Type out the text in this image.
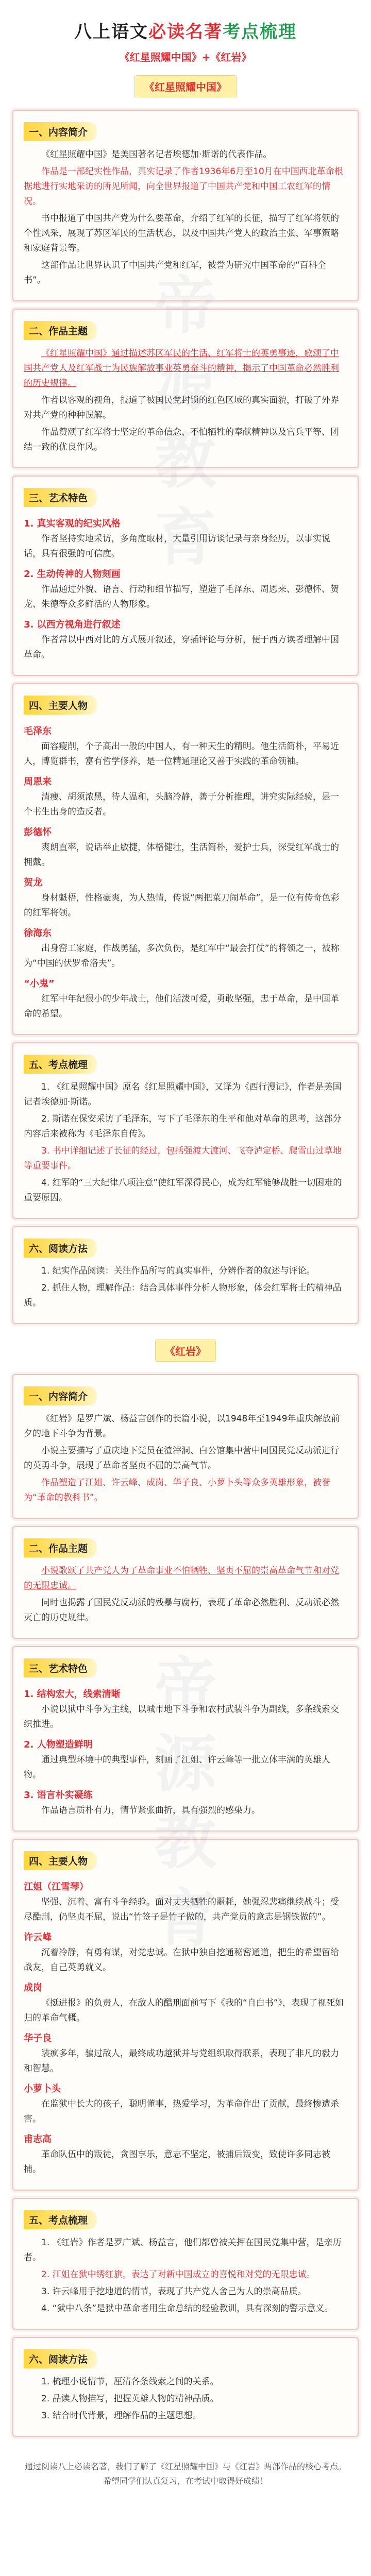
帝
八上语文必读名著考点梳理
《红星照耀中国》+《红岩》
《红星照耀中国》
一、内容简介

《红星照耀中国》是美国著名记者埃德加·斯诺的代表作品。

作品是一部纪实性作品，真实记录了作者1936年6月至10月在中国西北革命根据地进行实地采访的所见所闻，向全世界报道了中国共产党和中国工农红军的情况。

书中报道了中国共产党为什么要革命，介绍了红军的长征，描写了红军将领的个性风采，展现了苏区军民的生活状态，以及中国共产党人的政治主张、军事策略和家庭背景等。

这部作品让世界认识了中国共产党和红军，被誉为研究中国革命的“百科全书”。

二、作品主题

《红星照耀中国》通过描述苏区军民的生活、红军将士的英勇事迹，歌颂了中国共产党人及红军战士为民族解放事业英勇奋斗的精神，揭示了中国革命必然胜利的历史规律。

作者以客观的视角，报道了被国民党封锁的红色区域的真实面貌，打破了外界对共产党的种种误解。

作品赞颂了红军将士坚定的革命信念、不怕牺牲的奉献精神以及官兵平等、团结一致的优良作风。

三、艺术特色
1. 真实客观的纪实风格

作者坚持实地采访，多角度取材，大量引用访谈记录与亲身经历，以事实说话，具有很强的可信度。

2. 生动传神的人物刻画

作品通过外貌、语言、行动和细节描写，塑造了毛泽东、周恩来、彭德怀、贺龙、朱德等众多鲜活的人物形象。

3. 以西方视角进行叙述

作者常以中西对比的方式展开叙述，穿插评论与分析，便于西方读者理解中国革命。

四、主要人物
毛泽东

面容瘦削，个子高出一般的中国人，有一种天生的精明。他生活简朴，平易近人，博览群书，富有哲学修养，是一位精通理论又善于实践的革命领袖。

周恩来

清瘦、胡须浓黑，待人温和，头脑冷静，善于分析推理，讲究实际经验，是一个书生出身的造反者。

彭德怀

爽朗直率，说话举止敏捷，体格健壮，生活简朴，爱护士兵，深受红军战士的拥戴。

贺龙

身材魁梧，性格豪爽，为人热情，传说“两把菜刀闹革命”，是一位有传奇色彩的红军将领。

徐海东

出身窑工家庭，作战勇猛，多次负伤，是红军中“最会打仗”的将领之一，被称为“中国的伏罗希洛夫”。

“小鬼”

红军中年纪很小的少年战士，他们活泼可爱，勇敢坚强，忠于革命，是中国革命的希望。

五、考点梳理

1. 《红星照耀中国》原名《红星照耀中国》，又译为《西行漫记》，作者是美国记者埃德加·斯诺。

2. 斯诺在保安采访了毛泽东，写下了毛泽东的生平和他对革命的思考，这部分内容后来被称为《毛泽东自传》。

3. 书中详细记述了长征的经过，包括强渡大渡河、飞夺泸定桥、爬雪山过草地等重要事件。

4. 红军的“三大纪律八项注意”使红军深得民心，成为红军能够战胜一切困难的重要原因。

六、阅读方法

1. 纪实作品阅读：关注作品所写的真实事件，分辨作者的叙述与评论。

2. 抓住人物，理解作品：结合具体事件分析人物形象，体会红军将士的精神品质。

《红岩》
一、内容简介

《红岩》是罗广斌、杨益言创作的长篇小说，以1948年至1949年重庆解放前夕的地下斗争为背景。

小说主要描写了重庆地下党员在渣滓洞、白公馆集中营中同国民党反动派进行的英勇斗争，展现了革命者坚贞不屈的崇高气节。

作品塑造了江姐、许云峰、成岗、华子良、小萝卜头等众多英雄形象，被誉为“革命的教科书”。

二、作品主题

小说歌颂了共产党人为了革命事业不怕牺牲、坚贞不屈的崇高革命气节和对党的无限忠诚。

同时也揭露了国民党反动派的残暴与腐朽，表现了革命必然胜利、反动派必然灭亡的历史规律。

三、艺术特色
1. 结构宏大，线索清晰

小说以狱中斗争为主线，以城市地下斗争和农村武装斗争为副线，多条线索交织推进。

2. 人物塑造鲜明

通过典型环境中的典型事件，刻画了江姐、许云峰等一批立体丰满的英雄人物。

3. 语言朴实凝练

作品语言质朴有力，情节紧张曲折，具有强烈的感染力。

四、主要人物
江姐（江雪琴）

坚强、沉着、富有斗争经验。面对丈夫牺牲的噩耗，她强忍悲痛继续战斗；受尽酷刑，仍坚贞不屈，说出“竹签子是竹子做的，共产党员的意志是钢铁做的”。

许云峰

沉着冷静，有勇有谋，对党忠诚。在狱中独自挖通秘密通道，把生的希望留给战友，自己英勇就义。

成岗

《挺进报》的负责人，在敌人的酷刑面前写下《我的“自白书”》，表现了视死如归的革命气概。

华子良

装疯多年，骗过敌人，最终成功越狱并与党组织取得联系，表现了非凡的毅力和智慧。

小萝卜头

在监狱中长大的孩子，聪明懂事，热爱学习，为革命作出了贡献，最终惨遭杀害。

甫志高

革命队伍中的叛徒，贪图享乐，意志不坚定，被捕后叛变，致使许多同志被捕。

五、考点梳理

1. 《红岩》作者是罗广斌、杨益言，他们都曾被关押在国民党集中营，是亲历者。

2. 江姐在狱中绣红旗，表达了对新中国成立的喜悦和对党的无限忠诚。

3. 许云峰用手挖地道的情节，表现了共产党人舍己为人的崇高品质。

4. “狱中八条”是狱中革命者用生命总结的经验教训，具有深刻的警示意义。

六、阅读方法

1. 梳理小说情节，厘清各条线索之间的关系。

2. 品读人物描写，把握英雄人物的精神品质。

3. 结合时代背景，理解作品的主题思想。

通过阅读八上必读名著，我们了解了《红星照耀中国》与《红岩》两部作品的核心考点。
希望同学们认真复习，在考试中取得好成绩！
